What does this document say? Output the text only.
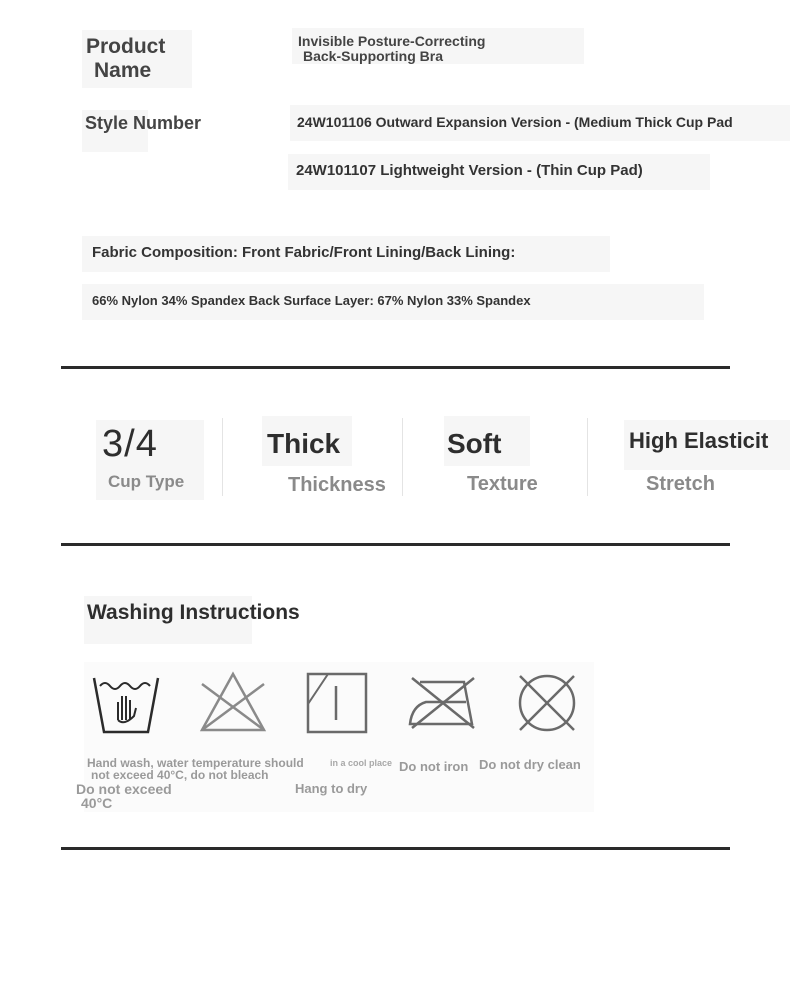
Product
Name
Invisible Posture-Correcting
Back-Supporting Bra
Style Number	24W101106 Outward Expansion Version - (Medium Thick Cup Pad
24W101107 Lightweight Version - (Thin Cup Pad)
Fabric Composition: Front Fabric/Front Lining/Back Lining:
66% Nylon 34% Spandex Back Surface Layer: 67% Nylon 33% Spandex
3/4
Cup Type
Thick
Thickness
Soft
Texture
High Elasticit
Stretch
Washing Instructions
Hand wash, water temperature should
not exceed 40°C, do not bleach
Do not exceed
40°C
in a cool place
Hang to dry
Do not iron Do not dry clean
